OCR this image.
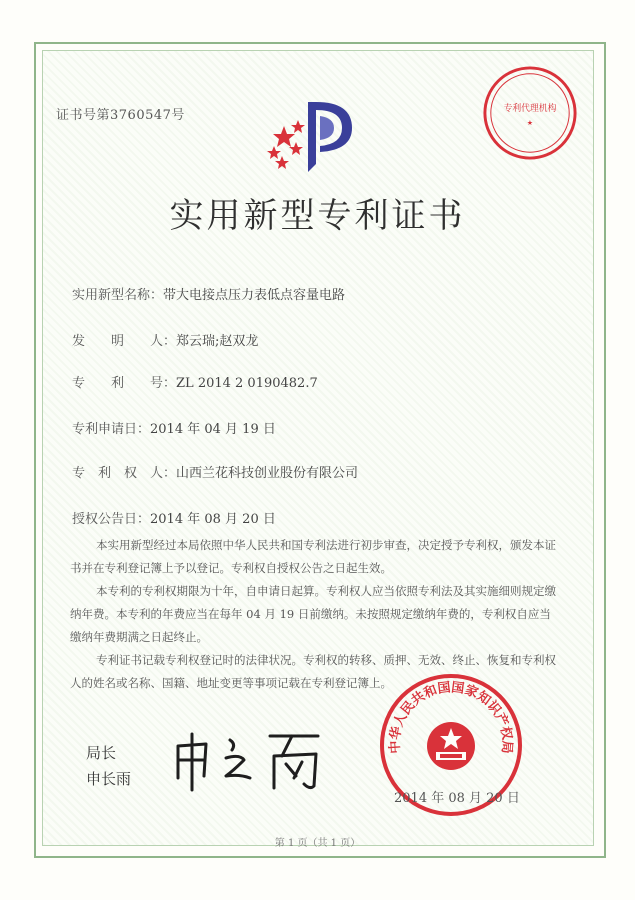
证书号第3760547号	专利代理机构
★
实用新型专利证书
实用新型名称：带大电接点压力表低点容量电路
发　　明　　人：郑云瑞;赵双龙
专　　利　　号：ZL 2014 2 0190482.7
专利申请日：2014 年 04 月 19 日
专　利　权　人：山西兰花科技创业股份有限公司
授权公告日：2014 年 08 月 20 日

本实用新型经过本局依照中华人民共和国专利法进行初步审查，决定授予专利权，颁发本证书并在专利登记簿上予以登记。专利权自授权公告之日起生效。

本专利的专利权期限为十年，自申请日起算。专利权人应当依照专利法及其实施细则规定缴纳年费。本专利的年费应当在每年 04 月 19 日前缴纳。未按照规定缴纳年费的，专利权自应当缴纳年费期满之日起终止。

专利证书记载专利权登记时的法律状况。专利权的转移、质押、无效、终止、恢复和专利权人的姓名或名称、国籍、地址变更等事项记载在专利登记簿上。

局长
申长雨
中华人民共和国国家知识产权局
2014 年 08 月 20 日
第 1 页（共 1 页）
